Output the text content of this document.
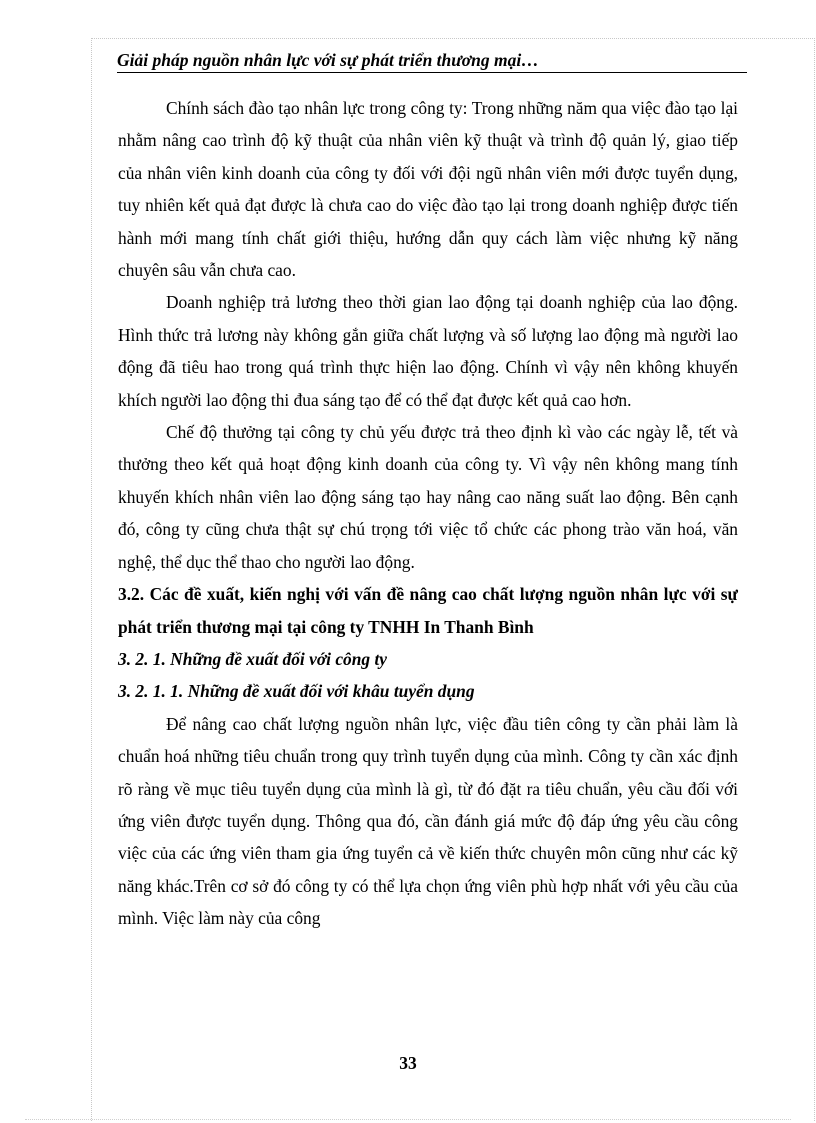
Giải pháp nguồn nhân lực với sự phát triển thương mại…

Chính sách đào tạo nhân lực trong công ty: Trong những năm qua việc đào tạo lại nhằm nâng cao trình độ kỹ thuật của nhân viên kỹ thuật và trình độ quản lý, giao tiếp của nhân viên kinh doanh của công ty đối với đội ngũ nhân viên mới được tuyển dụng, tuy nhiên kết quả đạt được là chưa cao do việc đào tạo lại trong doanh nghiệp được tiến hành mới mang tính chất giới thiệu, hướng dẫn quy cách làm việc nhưng kỹ năng chuyên sâu vẫn chưa cao.

Doanh nghiệp trả lương theo thời gian lao động tại doanh nghiệp của lao động. Hình thức trả lương này không gắn giữa chất lượng và số lượng lao động mà người lao động đã tiêu hao trong quá trình thực hiện lao động. Chính vì vậy nên không khuyến khích người lao động thi đua sáng tạo để có thể đạt được kết quả cao hơn.

Chế độ thưởng tại công ty chủ yếu được trả theo định kì vào các ngày lễ, tết và thưởng theo kết quả hoạt động kinh doanh của công ty. Vì vậy nên không mang tính khuyến khích nhân viên lao động sáng tạo hay nâng cao năng suất lao động. Bên cạnh đó, công ty cũng chưa thật sự chú trọng tới việc tổ chức các phong trào văn hoá, văn nghệ, thể dục thể thao cho người lao động.

3.2. Các đề xuất, kiến nghị với vấn đề nâng cao chất lượng nguồn nhân lực với sự phát triển thương mại tại công ty TNHH In Thanh Bình

3. 2. 1. Những đề xuất đối với công ty

3. 2. 1. 1. Những đề xuất đối với khâu tuyển dụng

Để nâng cao chất lượng nguồn nhân lực, việc đầu tiên công ty cần phải làm là chuẩn hoá những tiêu chuẩn trong quy trình tuyển dụng của mình. Công ty cần xác định rõ ràng về mục tiêu tuyển dụng của mình là gì, từ đó đặt ra tiêu chuẩn, yêu cầu đối với ứng viên được tuyển dụng. Thông qua đó, cần đánh giá mức độ đáp ứng yêu cầu công việc của các ứng viên tham gia ứng tuyển cả về kiến thức chuyên môn cũng như các kỹ năng khác.Trên cơ sở đó công ty có thể lựa chọn ứng viên phù hợp nhất với yêu cầu của mình. Việc làm này của công

33
